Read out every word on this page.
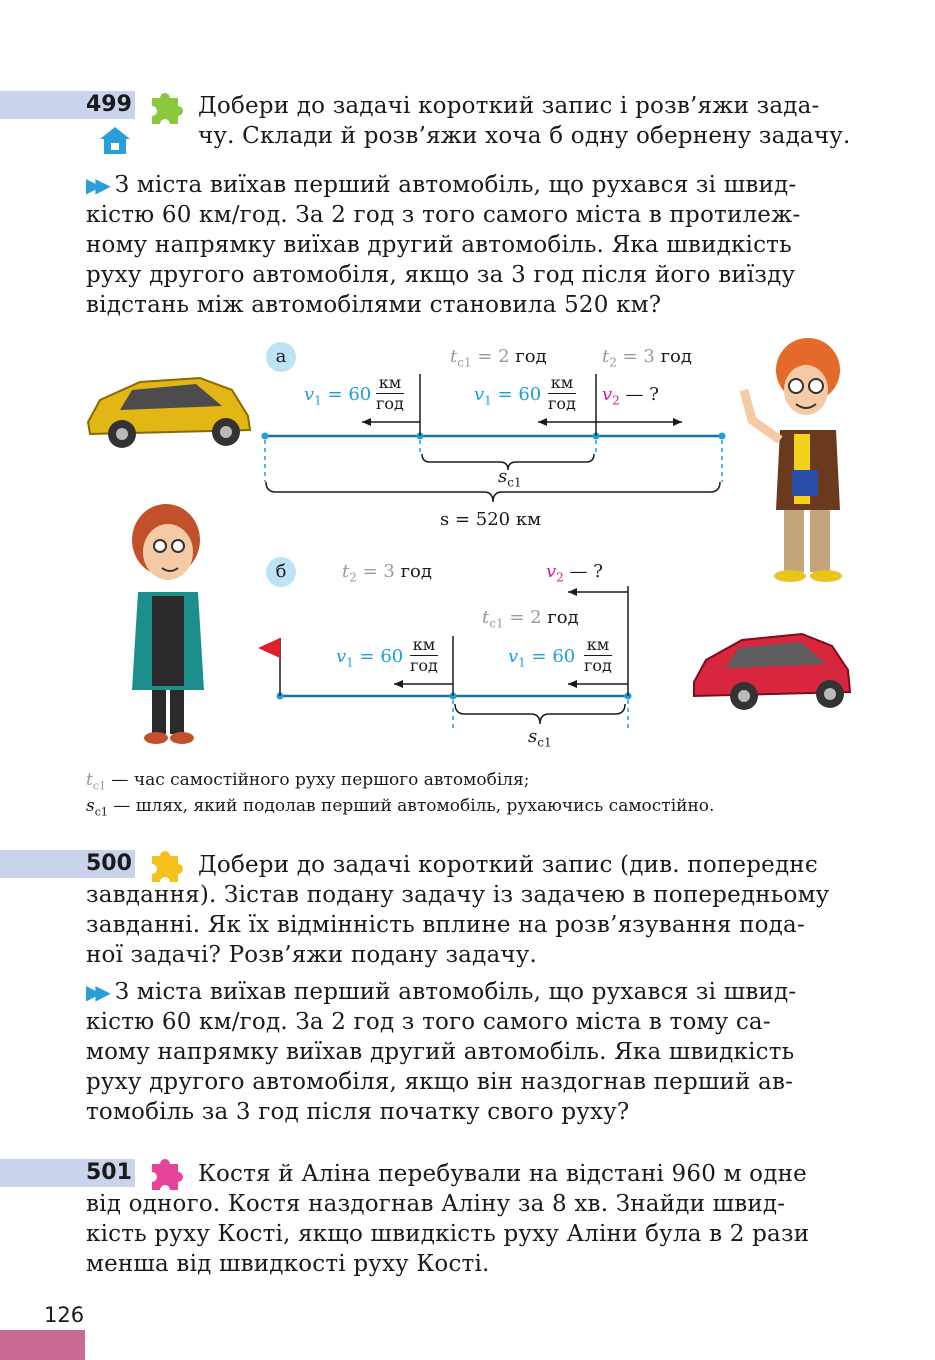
499	Добери до задачі короткий запис і розв’яжи зада-
чу. Склади й розв’яжи хоча б одну обернену задачу.
▶▶ З міста виїхав перший автомобіль, що рухався зі швид-
кістю 60 км/год. За 2 год з того самого міста в протилеж-
ному напрямку виїхав другий автомобіль. Яка швидкість
руху другого автомобіля, якщо за 3 год після його виїзду
відстань між автомобілями становила 520 км?
а	$t_{c1} = 2$ год	$t_2 = 3$ год
$v_1 = 60$
км
год	$v_1 = 60$
км
год $v_2$ — ?
$s_{c1}$
s = 520 км
б	$t_2 = 3$ год	$v_2$ — ?
$t_{c1} = 2$ год
$v_1 = 60$
км
год	$v_1 = 60$
км
год
$s_{c1}$
$t_{c1}$ — час самостійного руху першого автомобіля;
$s_{c1}$ — шлях, який подолав перший автомобіль, рухаючись самостійно.
500	Добери до задачі короткий запис (див. попереднє
завдання). Зістав подану задачу із задачею в попередньому
завданні. Як їх відмінність вплине на розв’язування пода-
ної задачі? Розв’яжи подану задачу.
▶▶ З міста виїхав перший автомобіль, що рухався зі швид-
кістю 60 км/год. За 2 год з того самого міста в тому са-
мому напрямку виїхав другий автомобіль. Яка швидкість
руху другого автомобіля, якщо він наздогнав перший ав-
томобіль за 3 год після початку свого руху?
501	Костя й Аліна перебували на відстані 960 м одне
від одного. Костя наздогнав Аліну за 8 хв. Знайди швид-
кість руху Кості, якщо швидкість руху Аліни була в 2 рази
менша від швидкості руху Кості.
126
